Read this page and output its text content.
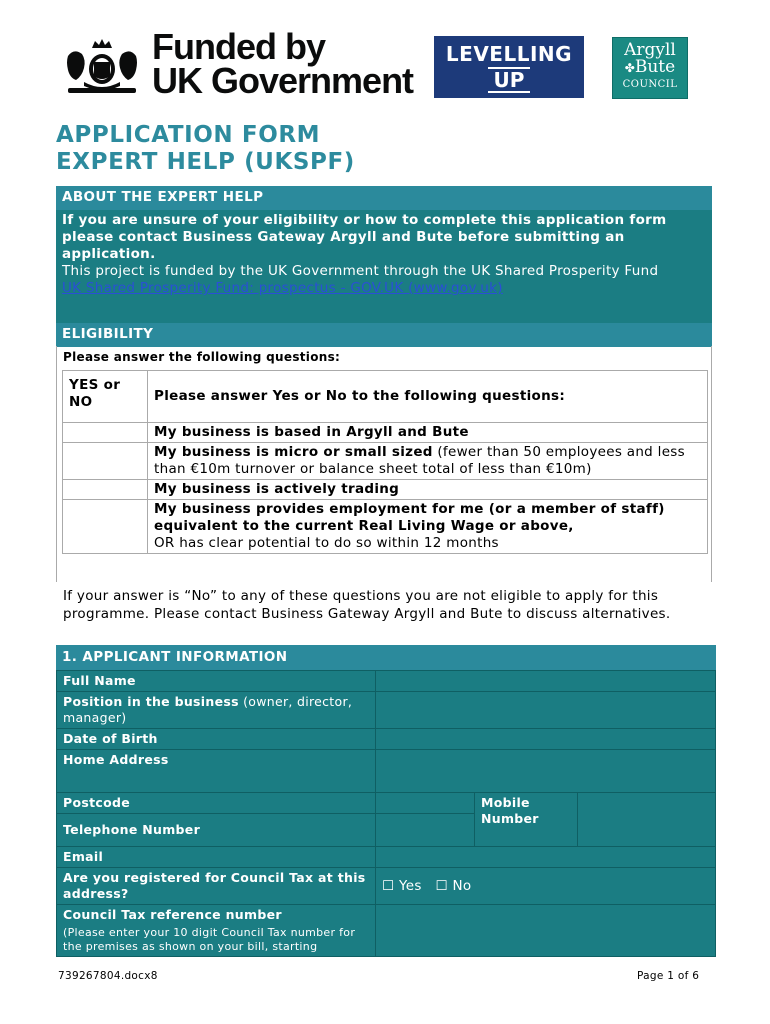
Funded by
UK Government
LEVELLING
UP
Argyll
✤Bute
COUNCIL
APPLICATION FORM
EXPERT HELP (UKSPF)
ABOUT THE EXPERT HELP
If you are unsure of your eligibility or how to complete this application form please contact Business Gateway Argyll and Bute before submitting an application.
This project is funded by the UK Government through the UK Shared Prosperity Fund
UK Shared Prosperity Fund: prospectus - GOV.UK (www.gov.uk)
ELIGIBILITY
Please answer the following questions:
YES or NO	Please answer Yes or No to the following questions:
	My business is based in Argyll and Bute
	My business is micro or small sized (fewer than 50 employees and less than €10m turnover or balance sheet total of less than €10m)
	My business is actively trading
	My business provides employment for me (or a member of staff) equivalent to the current Real Living Wage or above,
OR has clear potential to do so within 12 months
If your answer is “No” to any of these questions you are not eligible to apply for this programme. Please contact Business Gateway Argyll and Bute to discuss alternatives.
1. APPLICANT INFORMATION
Full Name			
Position in the business (owner, director, manager)			
Date of Birth			
Home Address			
Postcode		Mobile Number	
Telephone Number			
Email			
Are you registered for Council Tax at this address?	☐ Yes ☐ No		

Council Tax reference number
(Please enter your 10 digit Council Tax number for the premises as shown on your bill, starting			

739267804.docx8	Page 1 of 6
